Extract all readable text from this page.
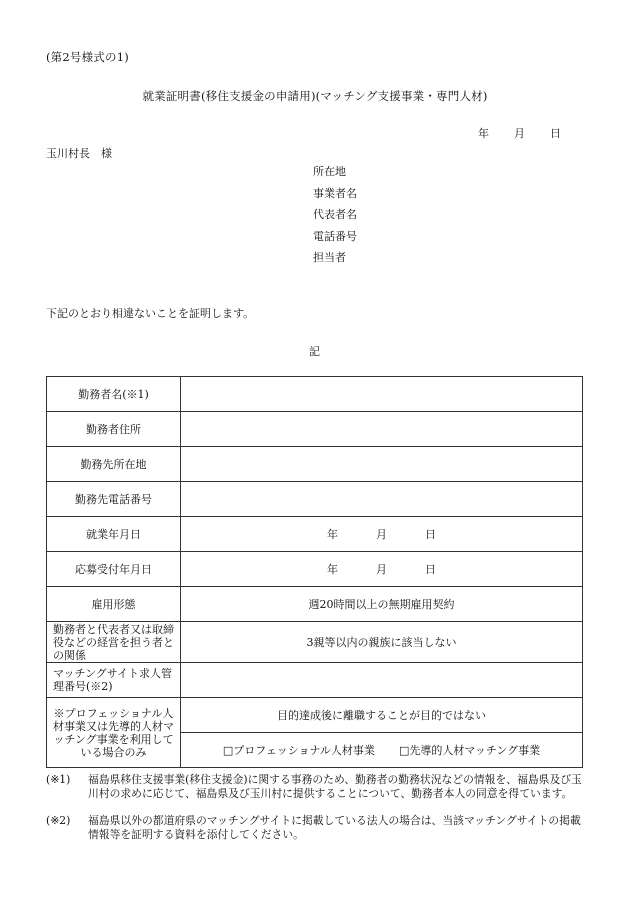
(第2号様式の1)
就業証明書(移住支援金の申請用)(マッチング支援事業・専門人材)
年 月 日
玉川村長　様
所在地
事業者名
代表者名
電話番号
担当者
下記のとおり相違ないことを証明します。
記
勤務者名(※1)	
勤務者住所	
勤務先所在地	
勤務先電話番号	
就業年月日	年 月 日
応募受付年月日	年 月 日
雇用形態	週20時間以上の無期雇用契約
勤務者と代表者又は取締役などの経営を担う者との関係	3親等以内の親族に該当しない
マッチングサイト求人管理番号(※2)	
※プロフェッショナル人材事業又は先導的人材マッチング事業を利用している場合のみ	目的達成後に離職することが目的ではない
	□プロフェッショナル人材事業 □先導的人材マッチング事業
(※1) 福島県移住支援事業(移住支援金)に関する事務のため、勤務者の勤務状況などの情報を、福島県及び玉川村の求めに応じて、福島県及び玉川村に提供することについて、勤務者本人の同意を得ています。
(※2) 福島県以外の都道府県のマッチングサイトに掲載している法人の場合は、当該マッチングサイトの掲載情報等を証明する資料を添付してください。
